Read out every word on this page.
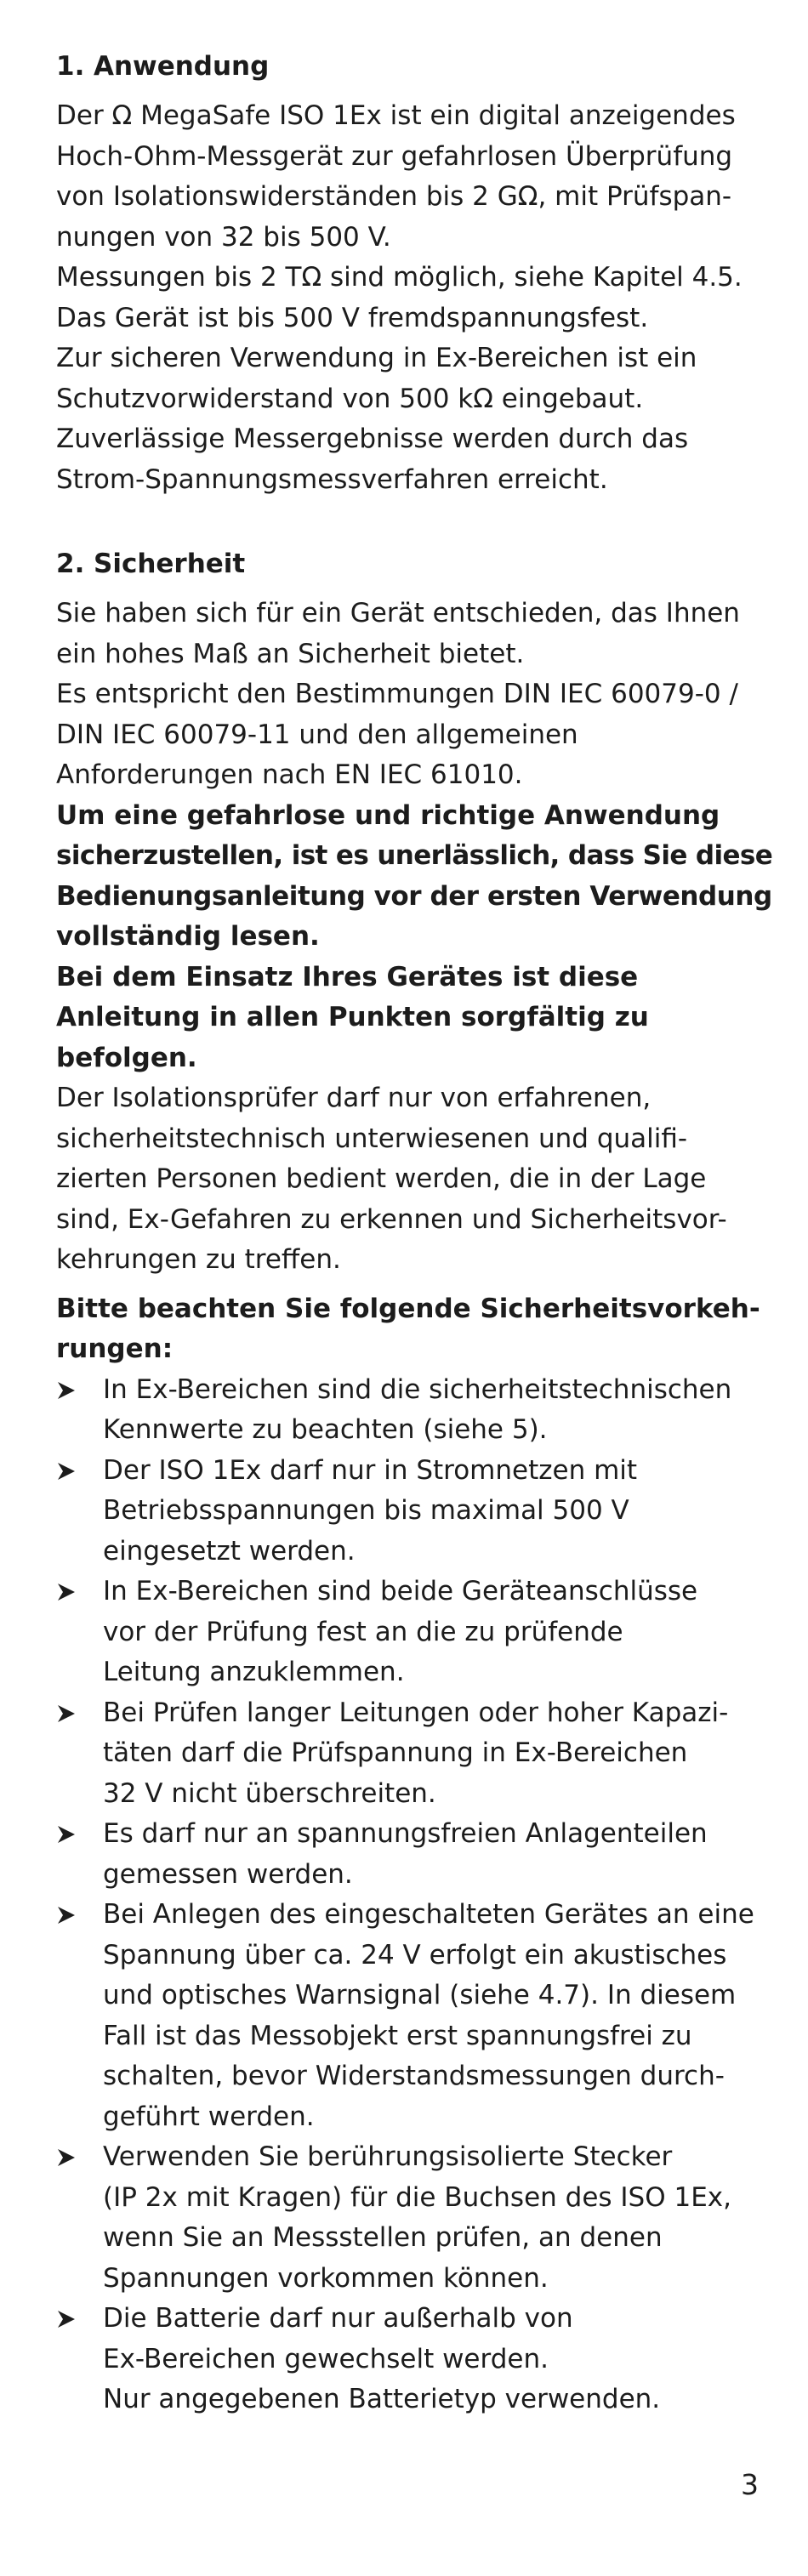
1. Anwendung

Der Ω MegaSafe ISO 1Ex ist ein digital anzeigendes
Hoch-Ohm-Messgerät zur gefahrlosen Überprüfung
von Isolationswiderständen bis 2 GΩ, mit Prüfspan-
nungen von 32 bis 500 V.
Messungen bis 2 TΩ sind möglich, siehe Kapitel 4.5.
Das Gerät ist bis 500 V fremdspannungsfest.
Zur sicheren Verwendung in Ex-Bereichen ist ein
Schutzvorwiderstand von 500 kΩ eingebaut.
Zuverlässige Messergebnisse werden durch das
Strom-Spannungsmessverfahren erreicht.

2. Sicherheit

Sie haben sich für ein Gerät entschieden, das Ihnen
ein hohes Maß an Sicherheit bietet.
Es entspricht den Bestimmungen DIN IEC 60079-0 /
DIN IEC 60079-11 und den allgemeinen
Anforderungen nach EN IEC 61010.

Um eine gefahrlose und richtige Anwendung
sicherzustellen, ist es unerlässlich, dass Sie diese
Bedienungsanleitung vor der ersten Verwendung
vollständig lesen.
Bei dem Einsatz Ihres Gerätes ist diese
Anleitung in allen Punkten sorgfältig zu
befolgen.

Der Isolationsprüfer darf nur von erfahrenen,
sicherheitstechnisch unterwiesenen und qualifi-
zierten Personen bedient werden, die in der Lage
sind, Ex-Gefahren zu erkennen und Sicherheitsvor-
kehrungen zu treffen.

Bitte beachten Sie folgende Sicherheitsvorkeh-
rungen:

In Ex-Bereichen sind die sicherheitstechnischen
Kennwerte zu beachten (siehe 5).
Der ISO 1Ex darf nur in Stromnetzen mit
Betriebsspannungen bis maximal 500 V
eingesetzt werden.
In Ex-Bereichen sind beide Geräteanschlüsse
vor der Prüfung fest an die zu prüfende
Leitung anzuklemmen.
Bei Prüfen langer Leitungen oder hoher Kapazi-
täten darf die Prüfspannung in Ex-Bereichen
32 V nicht überschreiten.
Es darf nur an spannungsfreien Anlagenteilen
gemessen werden.
Bei Anlegen des eingeschalteten Gerätes an eine
Spannung über ca. 24 V erfolgt ein akustisches
und optisches Warnsignal (siehe 4.7). In diesem
Fall ist das Messobjekt erst spannungsfrei zu
schalten, bevor Widerstandsmessungen durch-
geführt werden.
Verwenden Sie berührungsisolierte Stecker
(IP 2x mit Kragen) für die Buchsen des ISO 1Ex,
wenn Sie an Messstellen prüfen, an denen
Spannungen vorkommen können.
Die Batterie darf nur außerhalb von
Ex-Bereichen gewechselt werden.
Nur angegebenen Batterietyp verwenden.
3
